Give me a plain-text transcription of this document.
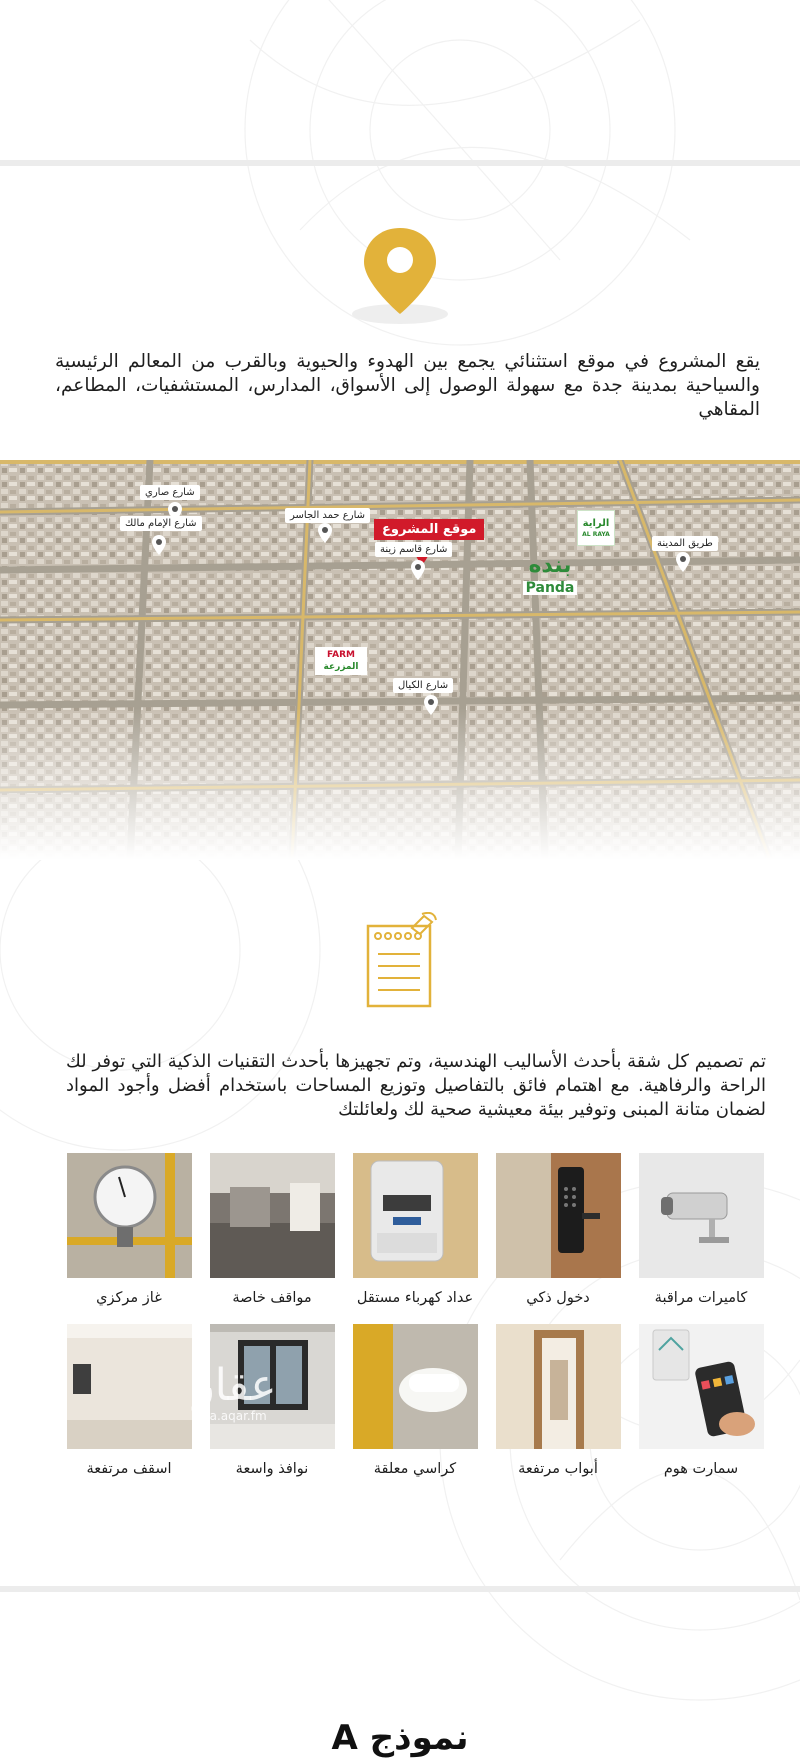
يقع المشروع في موقع استثنائي يجمع بين الهدوء والحيوية وبالقرب من المعالم الرئيسية والسياحية بمدينة جدة مع سهولة الوصول إلى الأسواق، المدارس، المستشفيات، المطاعم، المقاهي

موقع المشروع
شارع صاري
شارع الإمام مالك
شارع حمد الجاسر
شارع قاسم زينة
طريق المدينة
شارع الكيال
بنده
Panda
الراية
AL RAYA
FARM
المزرعة

تم تصميم كل شقة بأحدث الأساليب الهندسية، وتم تجهيزها بأحدث التقنيات الذكية التي توفر لك الراحة والرفاهية. مع اهتمام فائق بالتفاصيل وتوزيع المساحات باستخدام أفضل وأجود المواد لضمان متانة المبنى وتوفير بيئة معيشية صحية لك ولعائلتك

كاميرات مراقبة
دخول ذكي
عداد كهرباء مستقل
مواقف خاصة
غاز مركزي
عقار
sa.aqar.fm
سمارت هوم
أبواب مرتفعة
كراسي معلقة
نوافذ واسعة
اسقف مرتفعة
نموذج A
